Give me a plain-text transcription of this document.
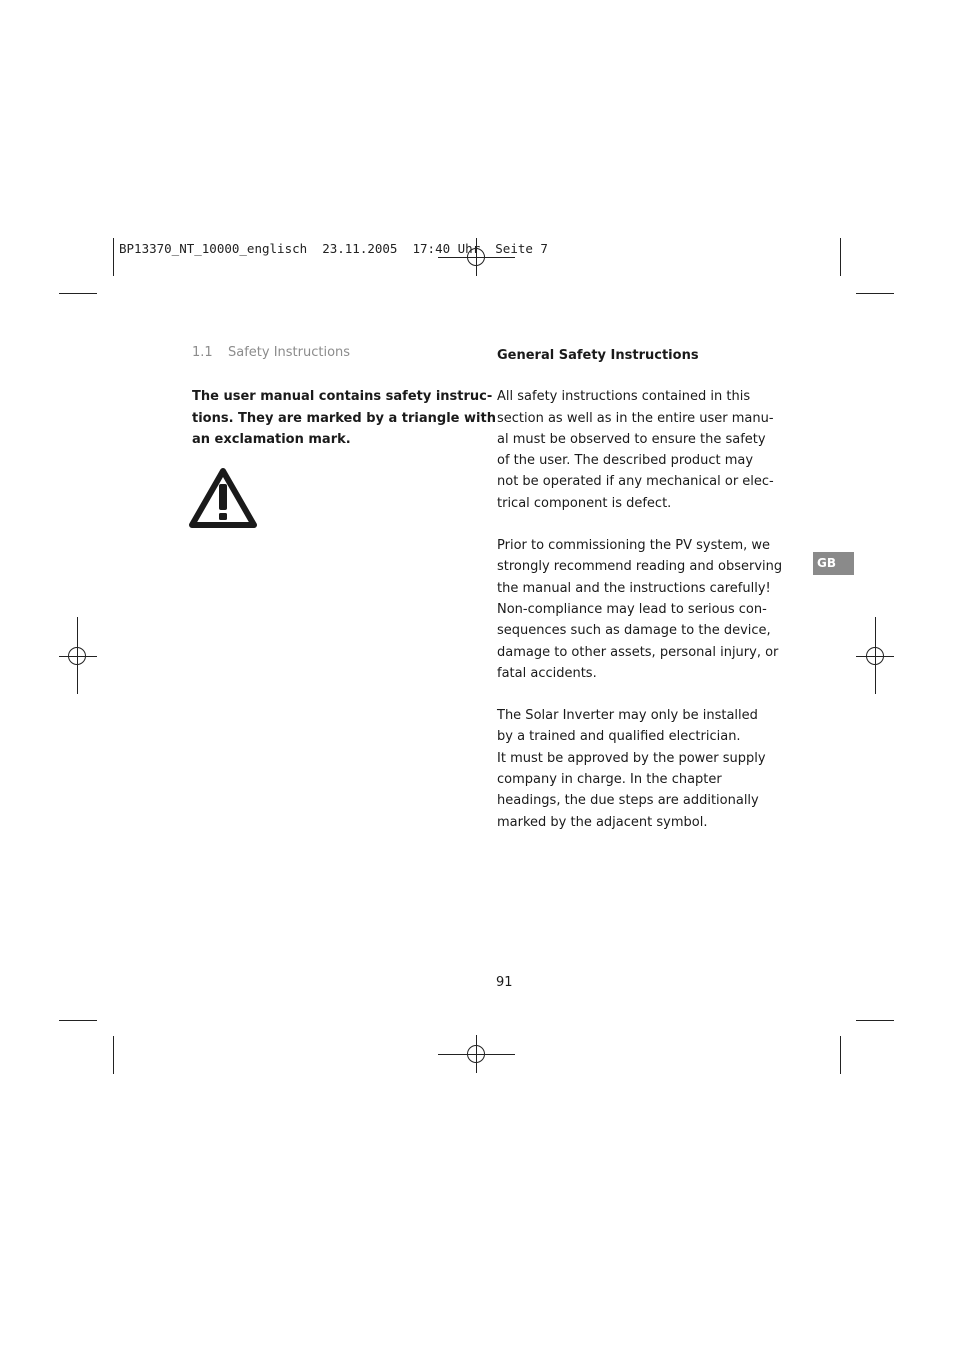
BP13370_NT_10000_englisch  23.11.2005  17:40 Uhr  Seite 7
1.1 Safety Instructions
The user manual contains safety instruc-
tions. They are marked by a triangle with
an exclamation mark.
General Safety Instructions

All safety instructions contained in this
section as well as in the entire user manu-
al must be observed to ensure the safety
of the user. The described product may
not be operated if any mechanical or elec-
trical component is defect.

Prior to commissioning the PV system, we
strongly recommend reading and observing
the manual and the instructions carefully!
Non-compliance may lead to serious con-
sequences such as damage to the device,
damage to other assets, personal injury, or
fatal accidents.

The Solar Inverter may only be installed
by a trained and qualified electrician.
It must be approved by the power supply
company in charge. In the chapter
headings, the due steps are additionally
marked by the adjacent symbol.

GB
91
